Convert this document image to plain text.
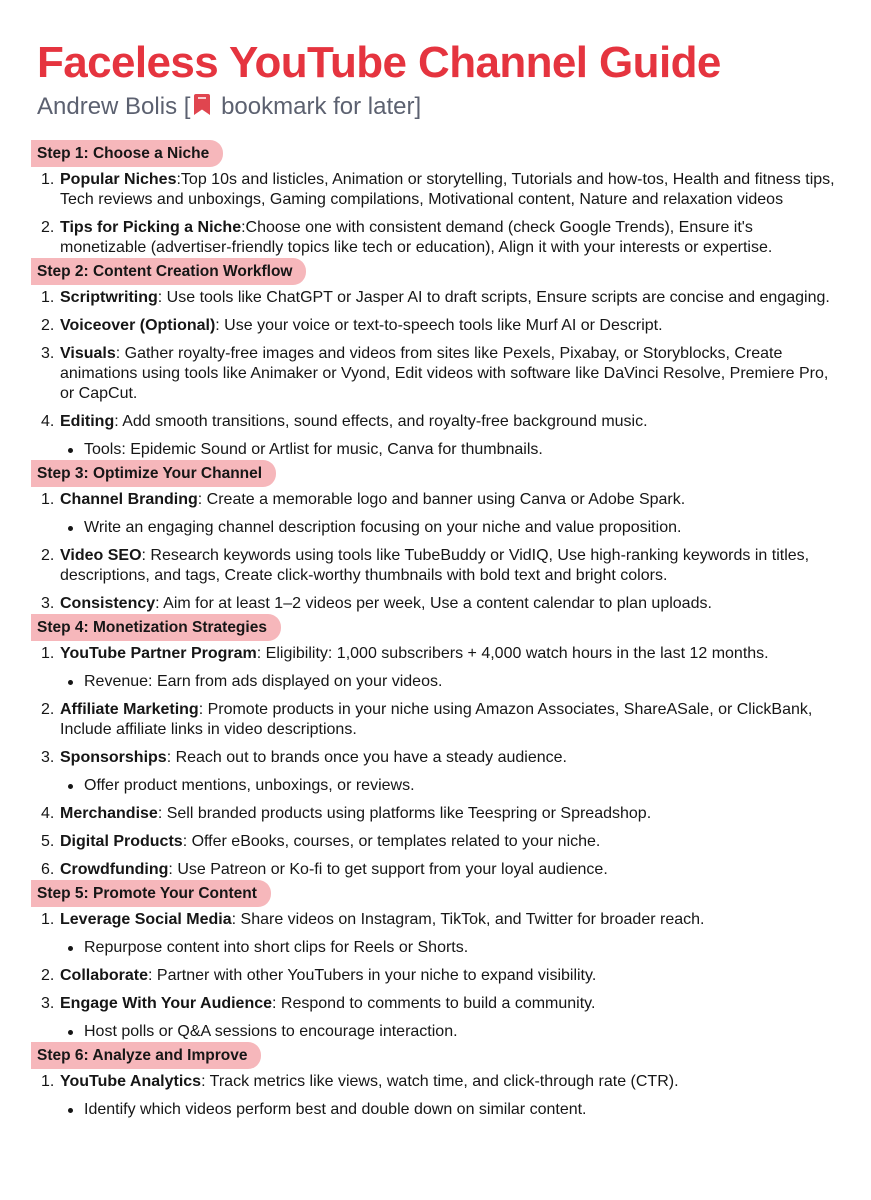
Faceless YouTube Channel Guide
Andrew Bolis [ bookmark for later]
Step 1: Choose a Niche
1. Popular Niches:Top 10s and listicles, Animation or storytelling, Tutorials and how-tos, Health and fitness tips, Tech reviews and unboxings, Gaming compilations, Motivational content, Nature and relaxation videos
2. Tips for Picking a Niche:Choose one with consistent demand (check Google Trends), Ensure it's monetizable (advertiser-friendly topics like tech or education), Align it with your interests or expertise.
Step 2: Content Creation Workflow
1. Scriptwriting: Use tools like ChatGPT or Jasper AI to draft scripts, Ensure scripts are concise and engaging.
2. Voiceover (Optional): Use your voice or text-to-speech tools like Murf AI or Descript.
3. Visuals: Gather royalty-free images and videos from sites like Pexels, Pixabay, or Storyblocks, Create animations using tools like Animaker or Vyond, Edit videos with software like DaVinci Resolve, Premiere Pro, or CapCut.
4. Editing: Add smooth transitions, sound effects, and royalty-free background music.
Tools: Epidemic Sound or Artlist for music, Canva for thumbnails.
Step 3: Optimize Your Channel
1. Channel Branding: Create a memorable logo and banner using Canva or Adobe Spark.
Write an engaging channel description focusing on your niche and value proposition.
2. Video SEO: Research keywords using tools like TubeBuddy or VidIQ, Use high-ranking keywords in titles, descriptions, and tags, Create click-worthy thumbnails with bold text and bright colors.
3. Consistency: Aim for at least 1–2 videos per week, Use a content calendar to plan uploads.
Step 4: Monetization Strategies
1. YouTube Partner Program: Eligibility: 1,000 subscribers + 4,000 watch hours in the last 12 months.
Revenue: Earn from ads displayed on your videos.
2. Affiliate Marketing: Promote products in your niche using Amazon Associates, ShareASale, or ClickBank, Include affiliate links in video descriptions.
3. Sponsorships: Reach out to brands once you have a steady audience.
Offer product mentions, unboxings, or reviews.
4. Merchandise: Sell branded products using platforms like Teespring or Spreadshop.
5. Digital Products: Offer eBooks, courses, or templates related to your niche.
6. Crowdfunding: Use Patreon or Ko-fi to get support from your loyal audience.
Step 5: Promote Your Content
1. Leverage Social Media: Share videos on Instagram, TikTok, and Twitter for broader reach.
Repurpose content into short clips for Reels or Shorts.
2. Collaborate: Partner with other YouTubers in your niche to expand visibility.
3. Engage With Your Audience: Respond to comments to build a community.
Host polls or Q&A sessions to encourage interaction.
Step 6: Analyze and Improve
1. YouTube Analytics: Track metrics like views, watch time, and click-through rate (CTR).
Identify which videos perform best and double down on similar content.
